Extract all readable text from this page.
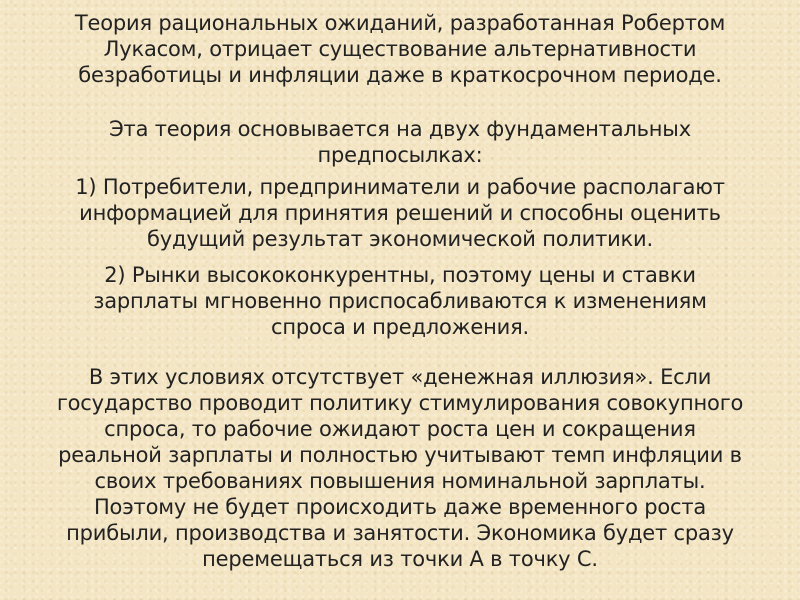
Теория рациональных ожиданий, разработанная Робертом
Лукасом, отрицает существование альтернативности
безработицы и инфляции даже в краткосрочном периоде.

Эта теория основывается на двух фундаментальных
предпосылках:

1) Потребители, предприниматели и рабочие располагают
информацией для принятия решений и способны оценить
будущий результат экономической политики.

2) Рынки высококонкурентны, поэтому цены и ставки
зарплаты мгновенно приспосабливаются к изменениям
спроса и предложения.

В этих условиях отсутствует «денежная иллюзия». Если
государство проводит политику стимулирования совокупного
спроса, то рабочие ожидают роста цен и сокращения
реальной зарплаты и полностью учитывают темп инфляции в
своих требованиях повышения номинальной зарплаты.
Поэтому не будет происходить даже временного роста
прибыли, производства и занятости. Экономика будет сразу
перемещаться из точки А в точку С.
